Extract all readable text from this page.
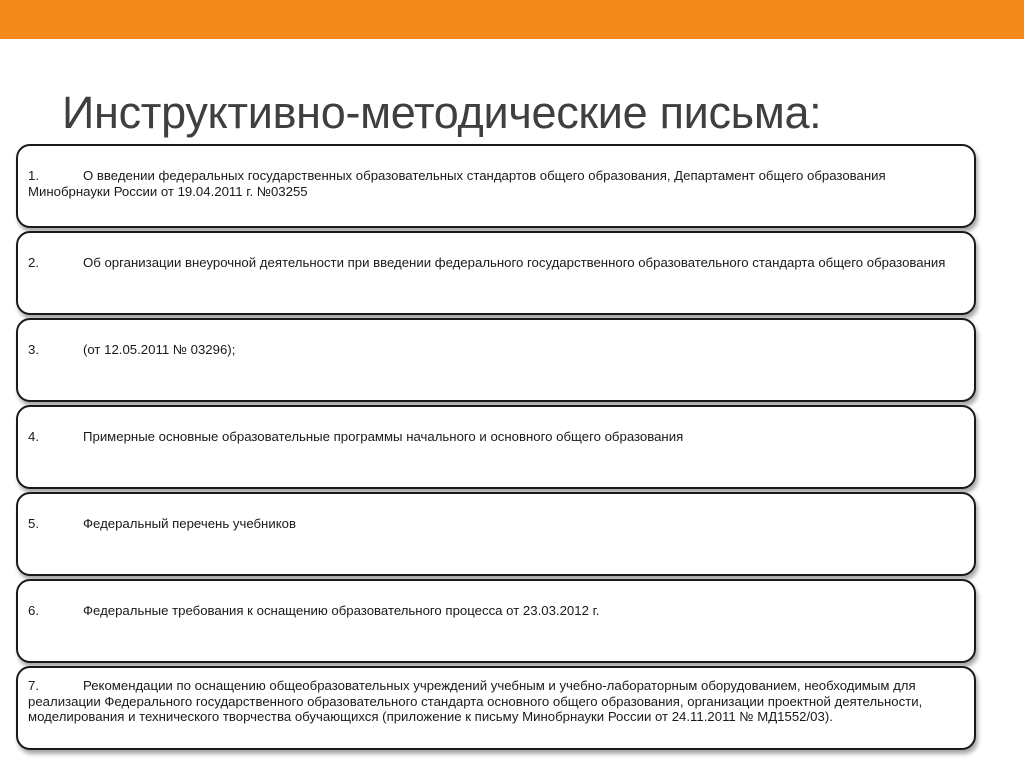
Инструктивно-методические письма:
1.	О введении федеральных государственных образовательных стандартов общего образования, Департамент общего образования Минобрнауки России от 19.04.2011 г. №03255
2.	Об организации внеурочной деятельности при введении федерального государственного образовательного стандарта общего образования
3.	(от 12.05.2011 № 03296);
4.	Примерные основные образовательные программы начального и основного общего образования
5.	Федеральный перечень учебников
6.	Федеральные требования к оснащению образовательного процесса от 23.03.2012 г.
7.	Рекомендации по оснащению общеобразовательных учреждений учебным и учебно-лабораторным оборудованием, необходимым для реализации Федерального государственного образовательного стандарта основного общего образования, организации проектной деятельности, моделирования и технического творчества обучающихся (приложение к письму Минобрнауки России от 24.11.2011 № МД1552/03).
